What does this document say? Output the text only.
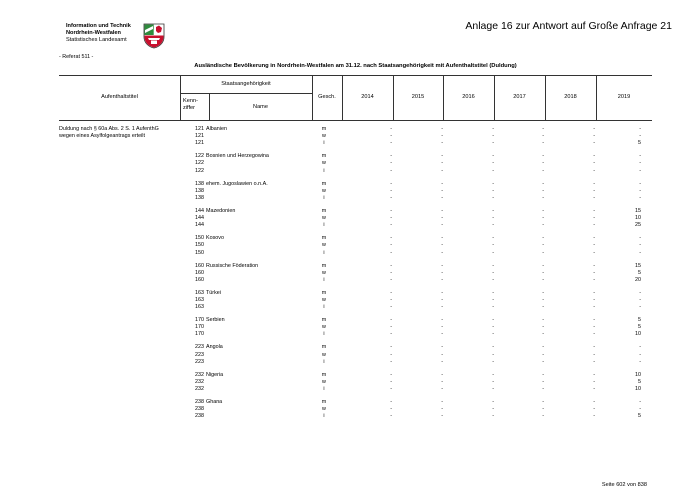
Information und Technik
Nordrhein-Westfalen
Statistisches Landesamt
Anlage 16 zur Antwort auf Große Anfrage 21
- Referat 511 -
Ausländische Bevölkerung in Nordrhein-Westfalen am 31.12. nach Staatsangehörigkeit mit Aufenthaltstitel (Duldung)
Aufenthaltstitel
Staatsangehörigkeit
Kenn-ziffer	Name
Gesch.	2014	2015	2016	2017	2018	2019
Duldung nach § 60a Abs. 2 S. 1 AufenthG
wegen eines Asylfolgeantrags erteilt
121 Albanien	m	-	-	-	-	-	-
121	w	-	-	-	-	-	-
121	i	-	-	-	-	-	5
122 Bosnien und Herzegowina	m	-	-	-	-	-	-
122	w	-	-	-	-	-	-
122	i	-	-	-	-	-	-
138 ehem. Jugoslawien o.n.A.	m	-	-	-	-	-	-
138	w	-	-	-	-	-	-
138	i	-	-	-	-	-	-
144 Mazedonien	m	-	-	-	-	-	15
144	w	-	-	-	-	-	10
144	i	-	-	-	-	-	25
150 Kosovo	m	-	-	-	-	-	-
150	w	-	-	-	-	-	-
150	i	-	-	-	-	-	-
160 Russische Föderation	m	-	-	-	-	-	15
160	w	-	-	-	-	-	5
160	i	-	-	-	-	-	20
163 Türkei	m	-	-	-	-	-	-
163	w	-	-	-	-	-	-
163	i	-	-	-	-	-	-
170 Serbien	m	-	-	-	-	-	5
170	w	-	-	-	-	-	5
170	i	-	-	-	-	-	10
223 Angola	m	-	-	-	-	-	-
223	w	-	-	-	-	-	-
223	i	-	-	-	-	-	-
232 Nigeria	m	-	-	-	-	-	10
232	w	-	-	-	-	-	5
232	i	-	-	-	-	-	10
238 Ghana	m	-	-	-	-	-	-
238	w	-	-	-	-	-	-
238	i	-	-	-	-	-	5
Seite 602 von 838
